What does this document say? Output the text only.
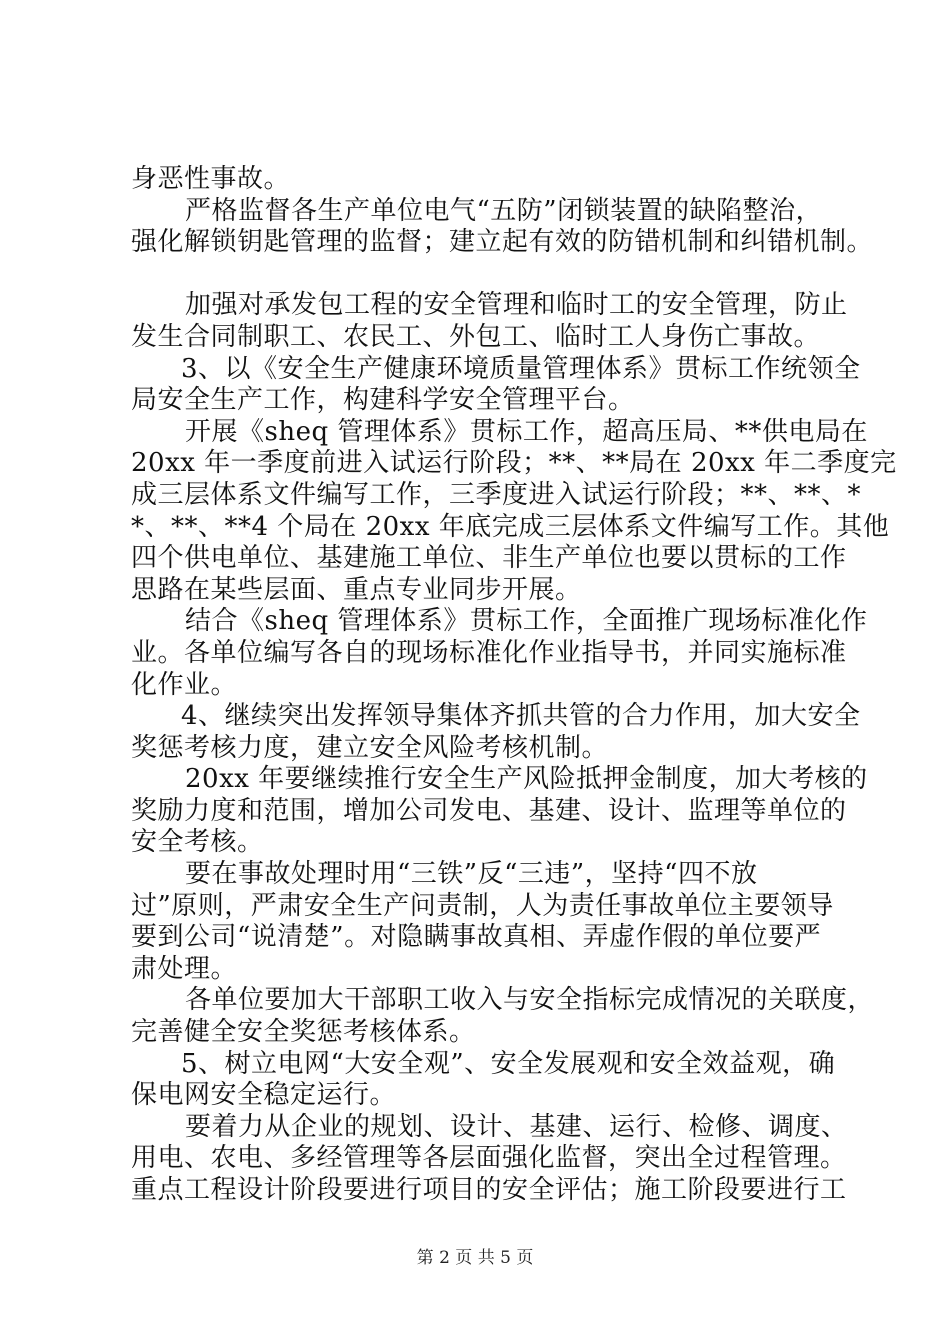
身恶性事故。
严格监督各生产单位电气“五防”闭锁装置的缺陷整治，
强化解锁钥匙管理的监督；建立起有效的防错机制和纠错机制。
加强对承发包工程的安全管理和临时工的安全管理，防止
发生合同制职工、农民工、外包工、临时工人身伤亡事故。
3、以《安全生产健康环境质量管理体系》贯标工作统领全
局安全生产工作，构建科学安全管理平台。
开展《sheq 管理体系》贯标工作，超高压局、**供电局在
20xx 年一季度前进入试运行阶段；**、**局在 20xx 年二季度完
成三层体系文件编写工作，三季度进入试运行阶段；**、**、*
*、**、**4 个局在 20xx 年底完成三层体系文件编写工作。其他
四个供电单位、基建施工单位、非生产单位也要以贯标的工作
思路在某些层面、重点专业同步开展。
结合《sheq 管理体系》贯标工作，全面推广现场标准化作
业。各单位编写各自的现场标准化作业指导书，并同实施标准
化作业。
4、继续突出发挥领导集体齐抓共管的合力作用，加大安全
奖惩考核力度，建立安全风险考核机制。
20xx 年要继续推行安全生产风险抵押金制度，加大考核的
奖励力度和范围，增加公司发电、基建、设计、监理等单位的
安全考核。
要在事故处理时用“三铁”反“三违”，坚持“四不放
过”原则，严肃安全生产问责制，人为责任事故单位主要领导
要到公司“说清楚”。对隐瞒事故真相、弄虚作假的单位要严
肃处理。
各单位要加大干部职工收入与安全指标完成情况的关联度，
完善健全安全奖惩考核体系。
5、树立电网“大安全观”、安全发展观和安全效益观，确
保电网安全稳定运行。
要着力从企业的规划、设计、基建、运行、检修、调度、
用电、农电、多经管理等各层面强化监督，突出全过程管理。
重点工程设计阶段要进行项目的安全评估；施工阶段要进行工
第 2 页 共 5 页
